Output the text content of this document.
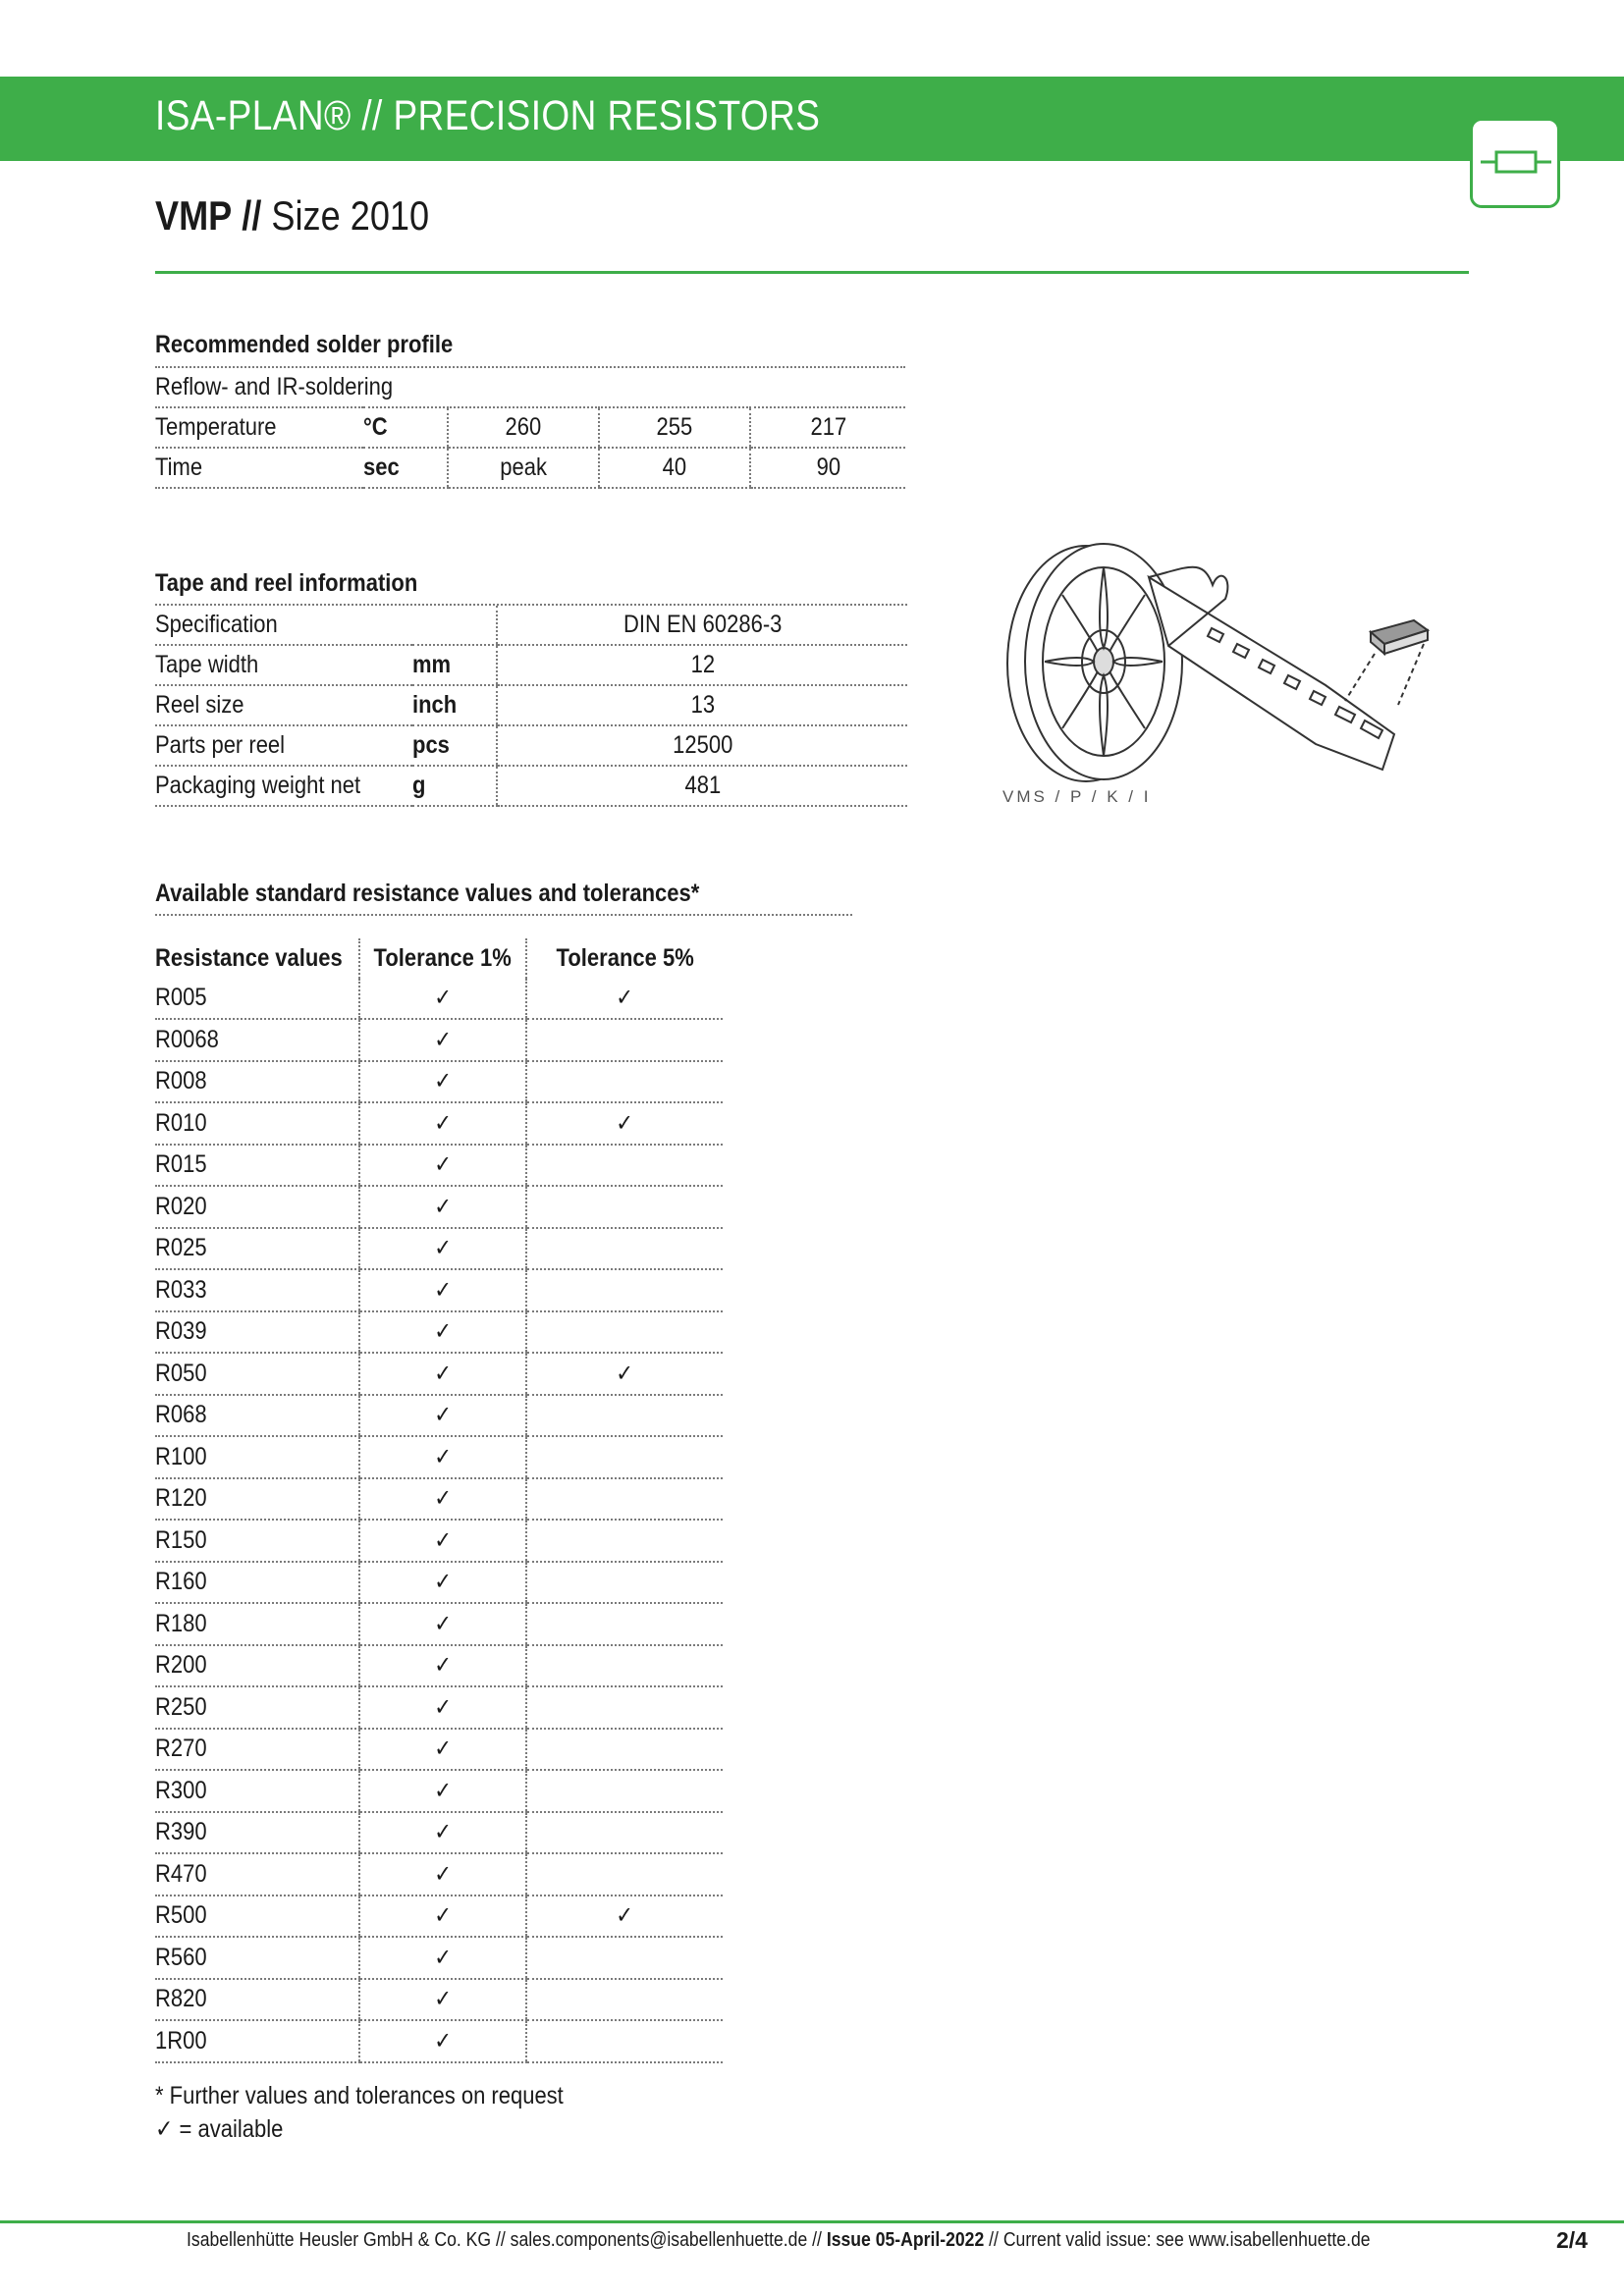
ISA-PLAN® // PRECISION RESISTORS
VMP // Size 2010
Recommended solder profile
Reflow- and IR-soldering				
Temperature	°C	260	255	217
Time	sec	peak	40	90
Tape and reel information
Specification		DIN EN 60286-3
Tape width	mm	12
Reel size	inch	13
Parts per reel	pcs	12500
Packaging weight net	g	481	VMS / P / K / I
Available standard resistance values and tolerances*
Resistance values	Tolerance 1%	Tolerance 5%
R005	✓	✓
R0068	✓	
R008	✓	
R010	✓	✓
R015	✓	
R020	✓	
R025	✓	
R033	✓	
R039	✓	
R050	✓	✓
R068	✓	
R100	✓	
R120	✓	
R150	✓	
R160	✓	
R180	✓	
R200	✓	
R250	✓	
R270	✓	
R300	✓	
R390	✓	
R470	✓	
R500	✓	✓
R560	✓	
R820	✓	
1R00	✓	
* Further values and tolerances on request
✓ = available
Isabellenhütte Heusler GmbH & Co. KG // sales.components@isabellenhuette.de // Issue 05-April-2022 // Current valid issue: see www.isabellenhuette.de	2/4
